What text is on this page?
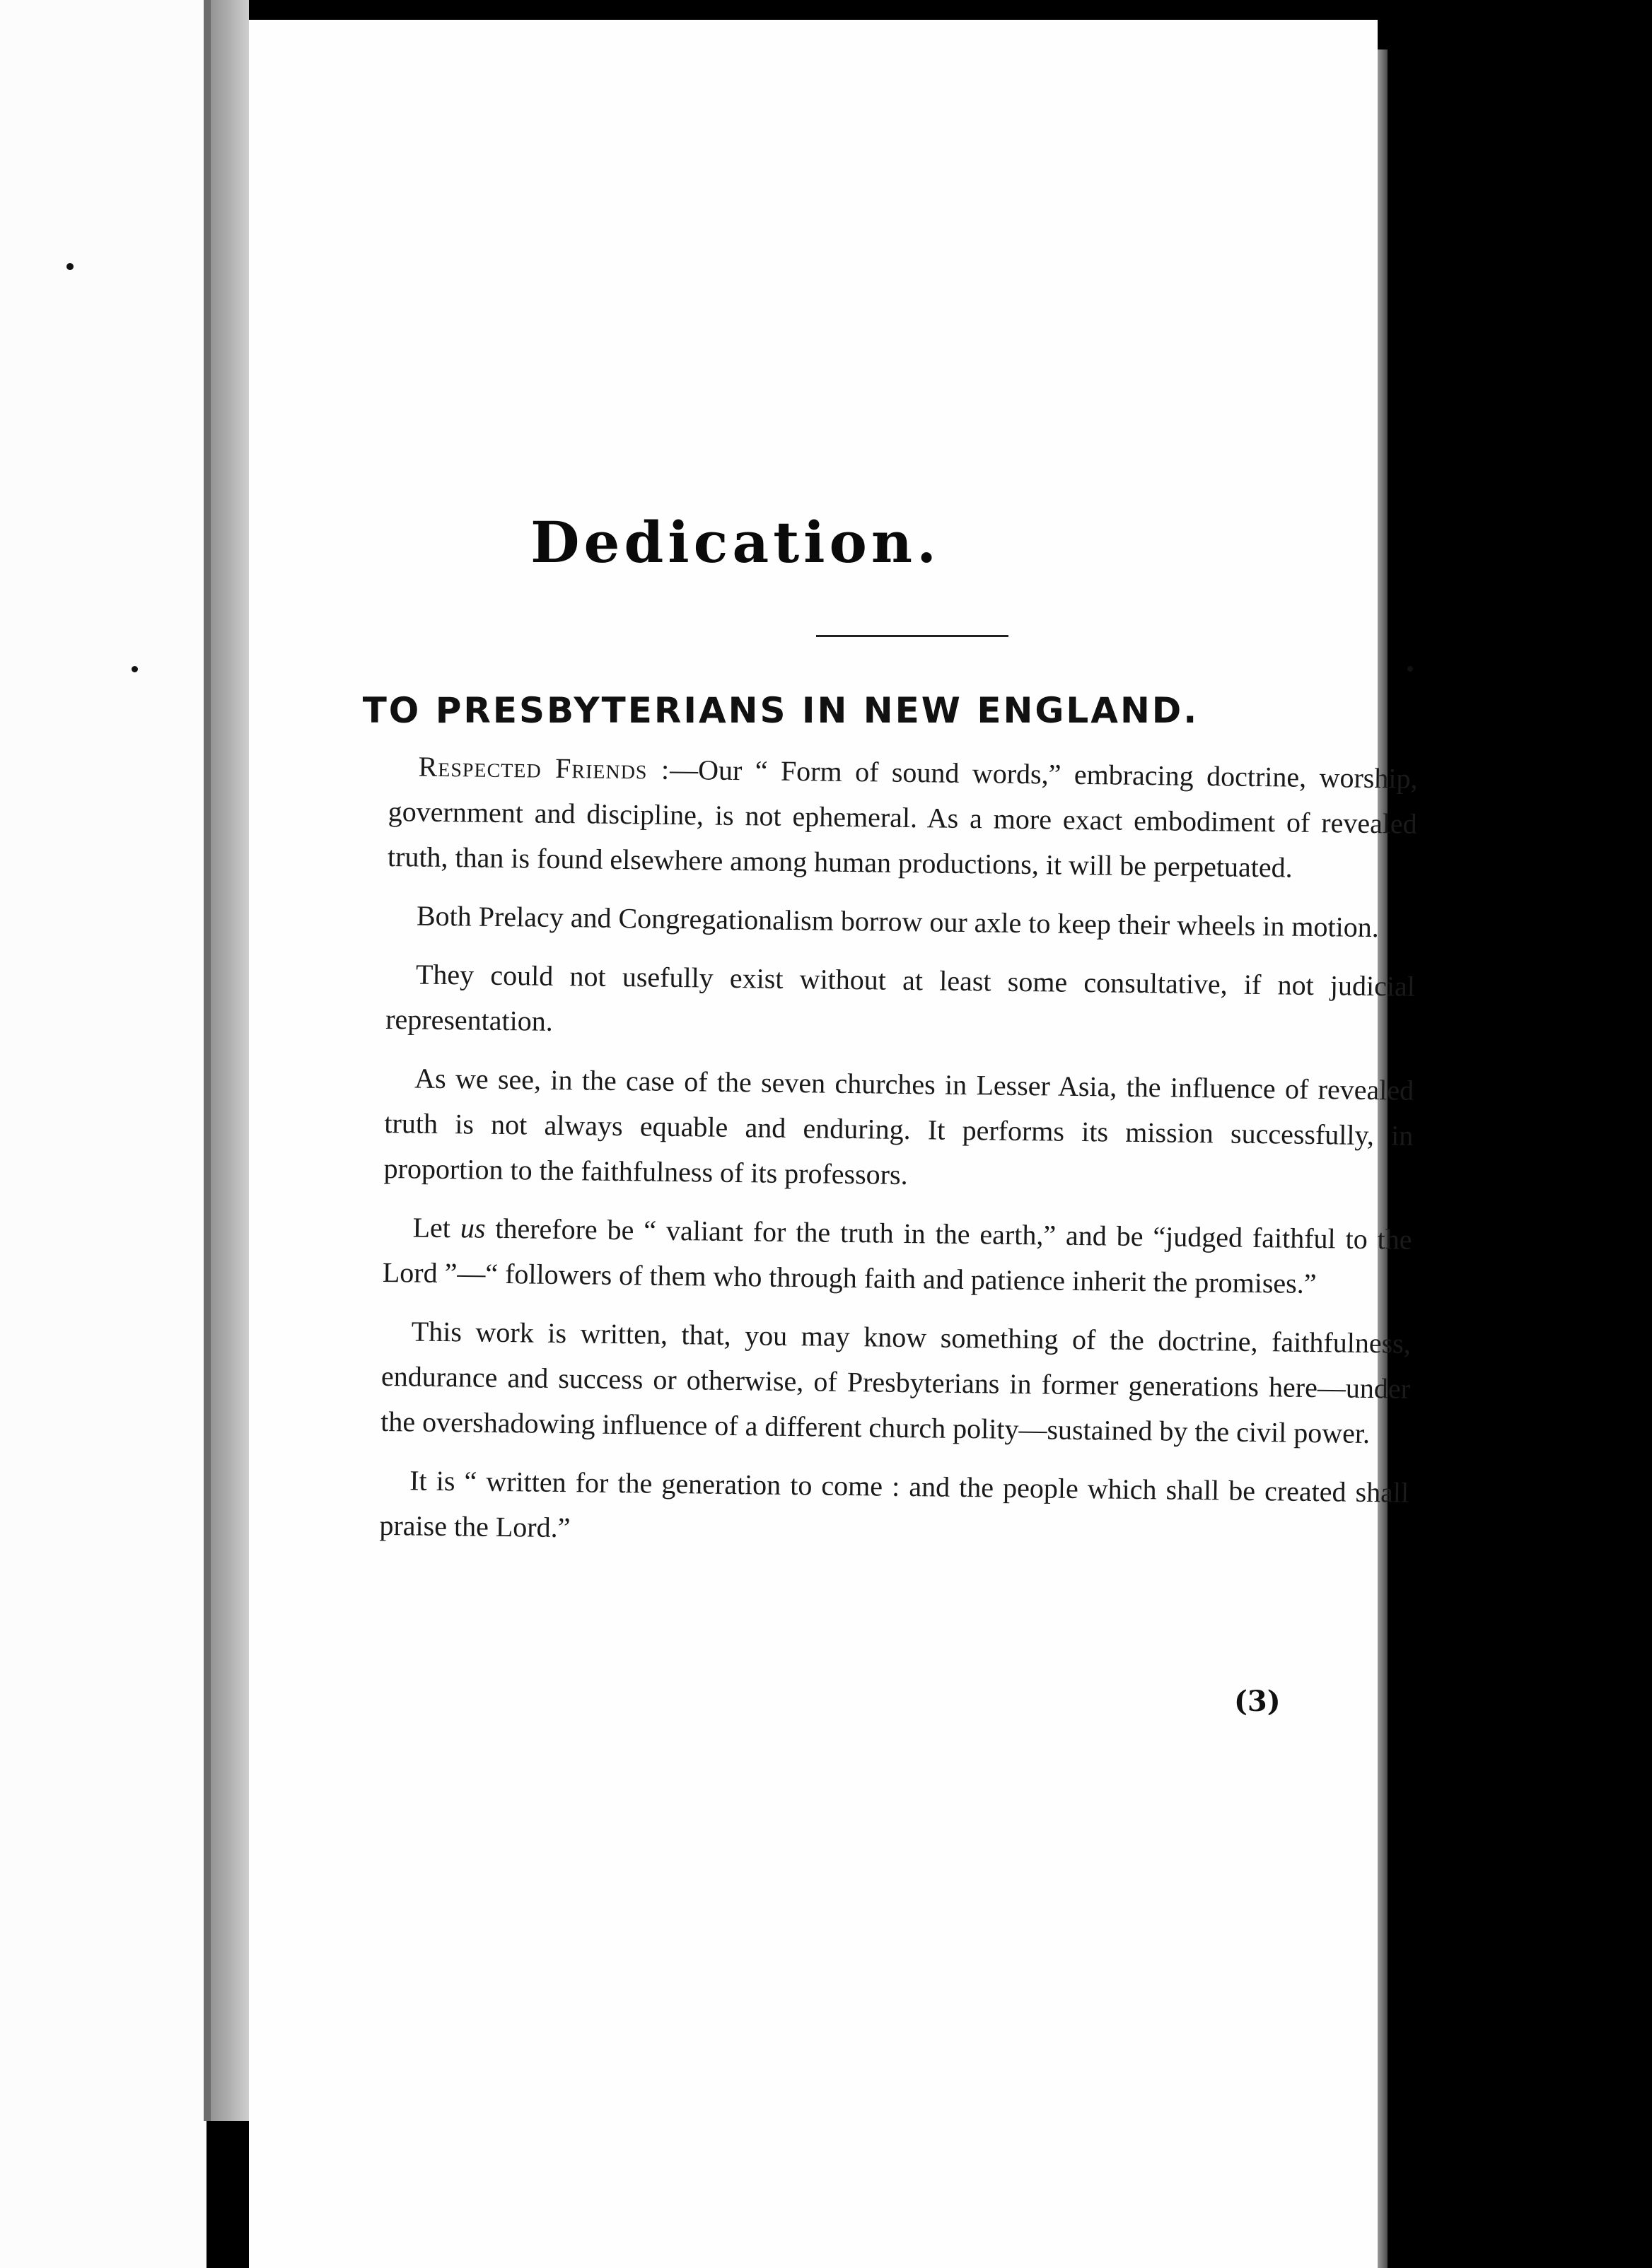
Dedication.
TO PRESBYTERIANS IN NEW ENGLAND.

Respected Friends :—Our “ Form of sound words,” embracing doctrine, worship, government and discipline, is not ephemeral. As a more exact embodiment of revealed truth, than is found elsewhere among human productions, it will be perpetuated.

Both Prelacy and Congregationalism borrow our axle to keep their wheels in motion.

They could not usefully exist without at least some consultative, if not judicial representation.

As we see, in the case of the seven churches in Lesser Asia, the influence of revealed truth is not always equable and enduring. It performs its mission successfully, in proportion to the faithfulness of its professors.

Let us therefore be “ valiant for the truth in the earth,” and be “judged faithful to the Lord ”—“ followers of them who through faith and patience inherit the promises.”

This work is written, that, you may know something of the doctrine, faithfulness, endurance and success or otherwise, of Presbyterians in former generations here—under the overshadowing influence of a different church polity—sustained by the civil power.

It is “ written for the generation to come : and the people which shall be created shall praise the Lord.”

(3)
